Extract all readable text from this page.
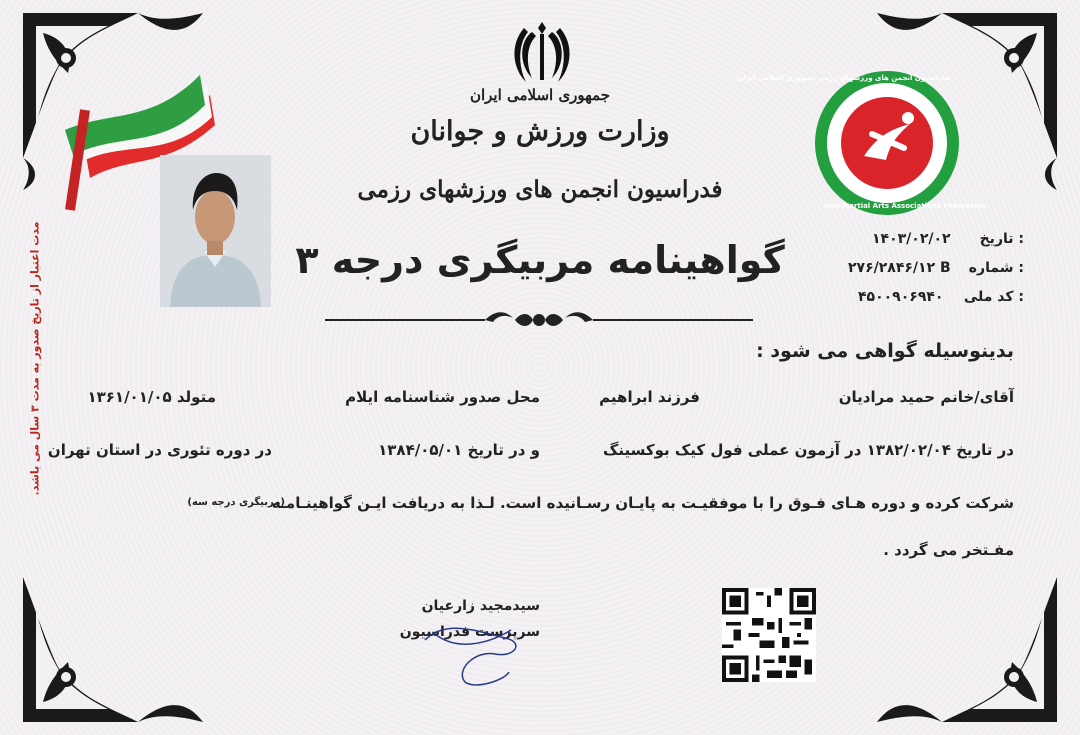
مدت اعتبار از تاریخ صدور به مدت ۳ سال می باشد.
جمهوری اسلامی ایران
وزارت ورزش و جوانان
فدراسیون انجمن های ورزشهای رزمی
گواهینامه مربیگری درجه ۳
فدراسیون انجمن های ورزشهای رزمی جمهوری اسلامی ایران
Iran Martial Arts Associations Federation
تاریخ :
۱۴۰۳/۰۲/۰۲
شماره :
۲۷۶/۲۸۴۶/۱۲ B
کد ملی :
۴۵۰۰۹۰۶۹۴۰
بدینوسیله گواهی می شود :
آقای/خانم حمید مرادیان
فرزند ابراهیم
محل صدور شناسنامه ایلام
متولد ۱۳۶۱/۰۱/۰۵
در تاریخ ۱۳۸۲/۰۲/۰۴ در آزمون عملی فول کیک بوکسینگ
و در تاریخ ۱۳۸۴/۰۵/۰۱
در دوره تئوری در استان تهران
شرکت کرده و دوره هـای فـوق را با موفقیـت به پایـان رسـانیده است. لـذا به دریافت ایـن گواهینـامـه
(مربیگری درجه سه)
مفـتخر می گردد .
سیدمجید زارعیان
سرپرست فدراسیون
